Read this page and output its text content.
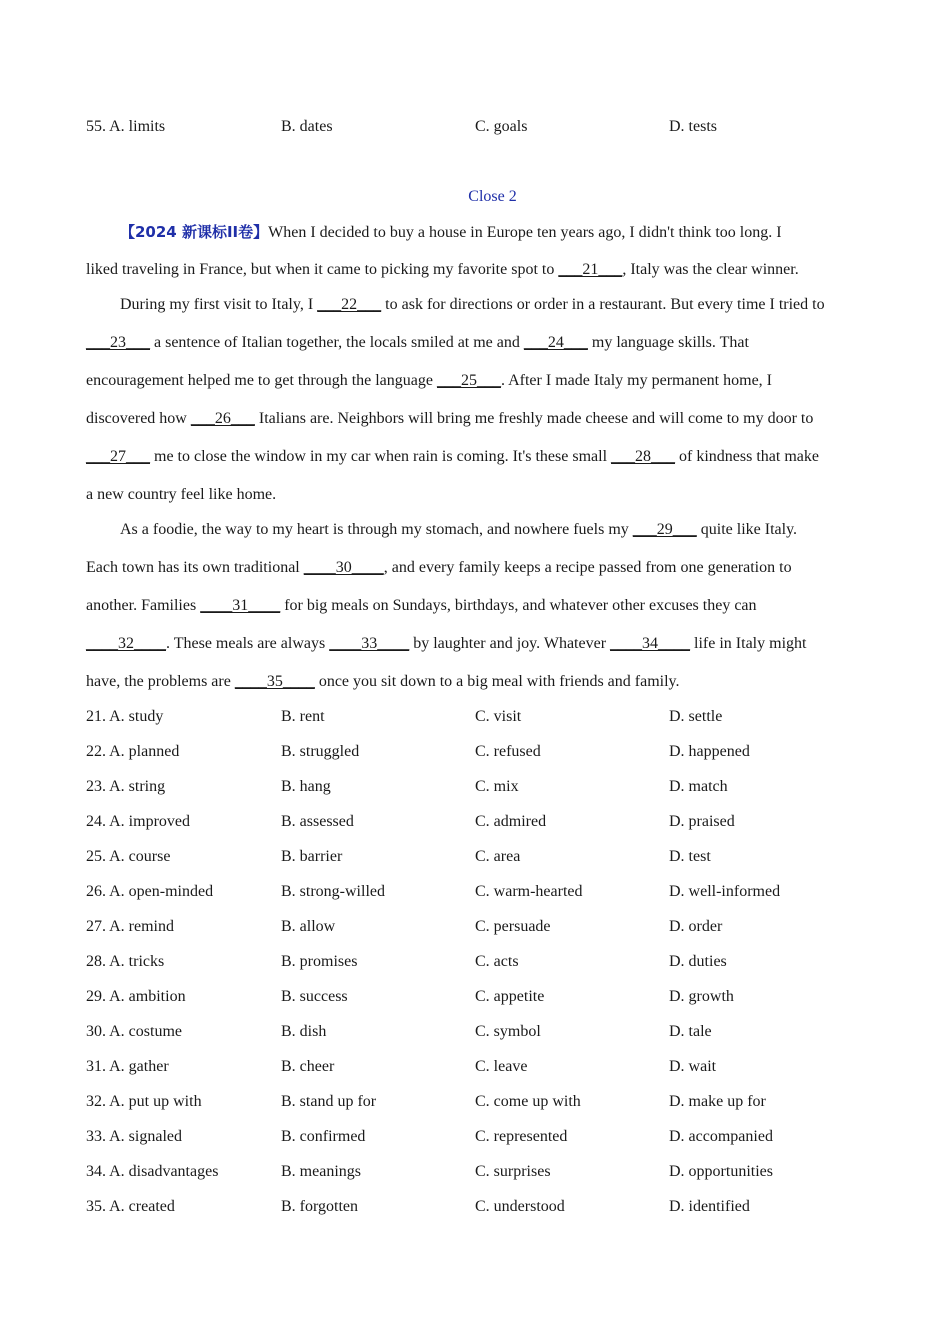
55. A. limits	B. dates	C. goals	D. tests
Close 2
【2024 新课标ⅠⅠ卷】When I decided to buy a house in Europe ten years ago, I didn't think too long. I
liked traveling in France, but when it came to picking my favorite spot to ___21___, Italy was the clear winner.
During my first visit to Italy, I ___22___ to ask for directions or order in a restaurant. But every time I tried to
___23___ a sentence of Italian together, the locals smiled at me and ___24___ my language skills. That
encouragement helped me to get through the language ___25___. After I made Italy my permanent home, I
discovered how ___26___ Italians are. Neighbors will bring me freshly made cheese and will come to my door to
___27___ me to close the window in my car when rain is coming. It's these small ___28___ of kindness that make
a new country feel like home.
As a foodie, the way to my heart is through my stomach, and nowhere fuels my ___29___ quite like Italy.
Each town has its own traditional ____30____, and every family keeps a recipe passed from one generation to
another. Families ____31____ for big meals on Sundays, birthdays, and whatever other excuses they can
____32____. These meals are always ____33____ by laughter and joy. Whatever ____34____ life in Italy might
have, the problems are ____35____ once you sit down to a big meal with friends and family.
21. A. study	B. rent	C. visit	D. settle
22. A. planned	B. struggled	C. refused	D. happened
23. A. string	B. hang	C. mix	D. match
24. A. improved	B. assessed	C. admired	D. praised
25. A. course	B. barrier	C. area	D. test
26. A. open-minded	B. strong-willed	C. warm-hearted	D. well-informed
27. A. remind	B. allow	C. persuade	D. order
28. A. tricks	B. promises	C. acts	D. duties
29. A. ambition	B. success	C. appetite	D. growth
30. A. costume	B. dish	C. symbol	D. tale
31. A. gather	B. cheer	C. leave	D. wait
32. A. put up with	B. stand up for	C. come up with	D. make up for
33. A. signaled	B. confirmed	C. represented	D. accompanied
34. A. disadvantages	B. meanings	C. surprises	D. opportunities
35. A. created	B. forgotten	C. understood	D. identified
